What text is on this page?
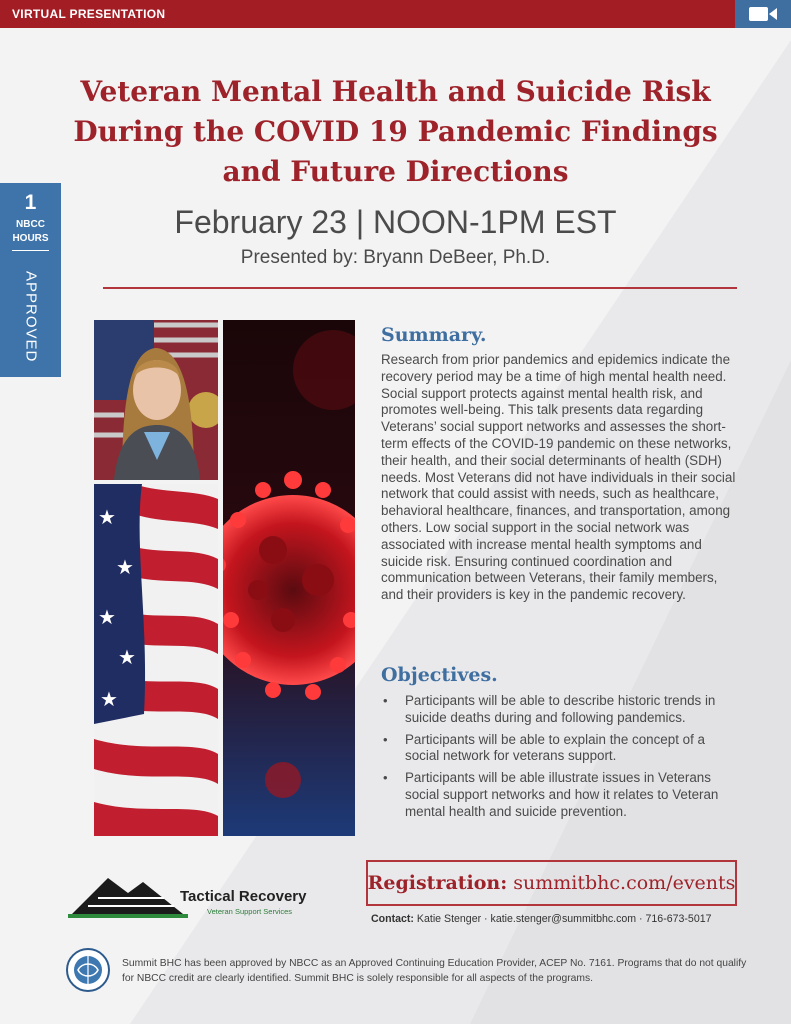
VIRTUAL PRESENTATION
1
NBCC
HOURS
APPROVED
Veteran Mental Health and Suicide Risk During the COVID 19 Pandemic Findings and Future Directions
February 23 | NOON-1PM EST
Presented by: Bryann DeBeer, Ph.D.
★
★
★
★
★
Summary.

Research from prior pandemics and epidemics indicate the recovery period may be a time of high mental health need. Social support protects against mental health risk, and promotes well-being. This talk presents data regarding Veterans’ social support networks and assesses the short-term effects of the COVID-19 pandemic on these networks, their health, and their social determinants of health (SDH) needs. Most Veterans did not have individuals in their social network that could assist with needs, such as healthcare, behavioral healthcare, finances, and transportation, among others. Low social support in the social network was associated with increase mental health symptoms and suicide risk. Ensuring continued coordination and communication between Veterans, their family members, and their providers is key in the pandemic recovery.

Objectives.
• Participants will be able to describe historic trends in suicide deaths during and following pandemics.
• Participants will be able to explain the concept of a social network for veterans support.
• Participants will be able illustrate issues in Veterans social support networks and how it relates to Veteran mental health and suicide prevention.
Tactical Recovery
Veteran Support Services
Registration: summitbhc.com/events
Contact: Katie Stenger · katie.stenger@summitbhc.com · 716-673-5017

Summit BHC has been approved by NBCC as an Approved Continuing Education Provider, ACEP No. 7161. Programs that do not qualify for NBCC credit are clearly identified. Summit BHC is solely responsible for all aspects of the programs.
